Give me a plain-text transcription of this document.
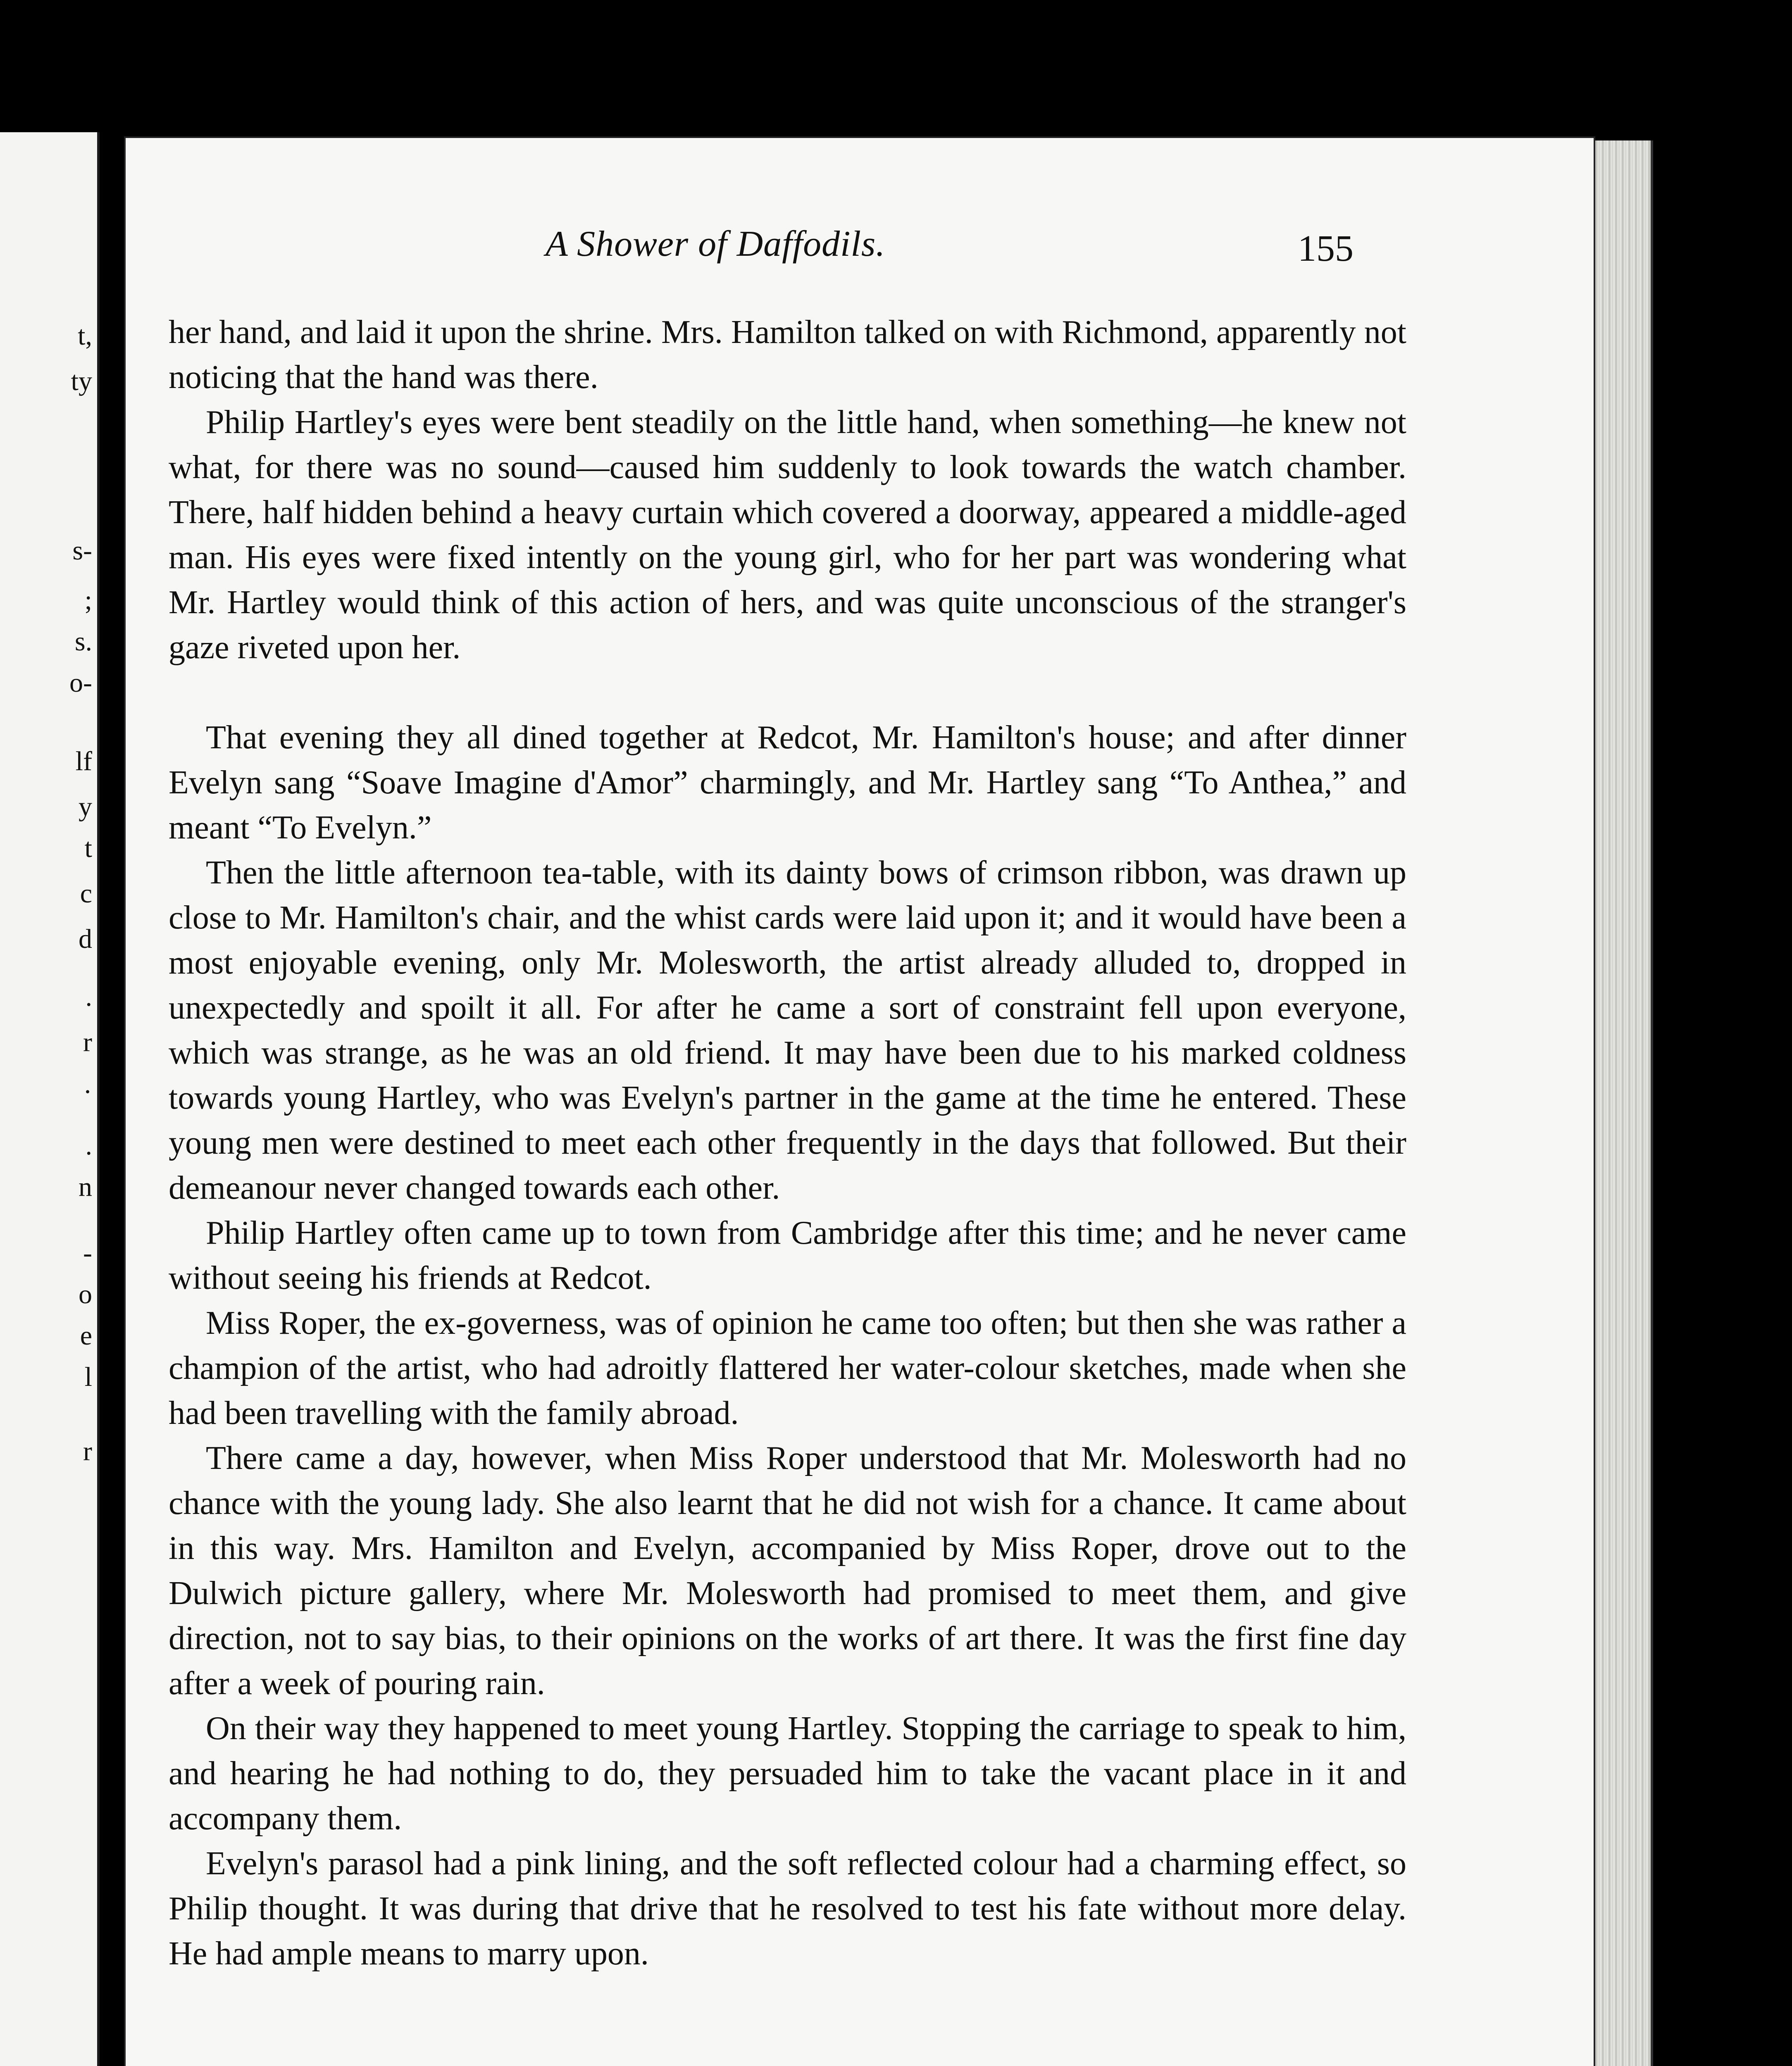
t,
ty
s-
;
s.
o-
lf
y
t
c
d
.
r
·
.
n
-
o
e
l
r
A Shower of Daffodils.	155

her hand, and laid it upon the shrine. Mrs. Hamilton talked on with Richmond, apparently not noticing that the hand was there.

Philip Hartley's eyes were bent steadily on the little hand, when something—he knew not what, for there was no sound—caused him suddenly to look towards the watch chamber. There, half hidden behind a heavy curtain which covered a doorway, appeared a middle-aged man. His eyes were fixed intently on the young girl, who for her part was wondering what Mr. Hartley would think of this action of hers, and was quite unconscious of the stranger's gaze riveted upon her.

That evening they all dined together at Redcot, Mr. Hamilton's house; and after dinner Evelyn sang “Soave Imagine d'Amor” charmingly, and Mr. Hartley sang “To Anthea,” and meant “To Evelyn.”

Then the little afternoon tea-table, with its dainty bows of crimson ribbon, was drawn up close to Mr. Hamilton's chair, and the whist cards were laid upon it; and it would have been a most enjoyable evening, only Mr. Molesworth, the artist already alluded to, dropped in unexpectedly and spoilt it all. For after he came a sort of constraint fell upon everyone, which was strange, as he was an old friend. It may have been due to his marked coldness towards young Hartley, who was Evelyn's partner in the game at the time he entered. These young men were destined to meet each other frequently in the days that followed. But their demeanour never changed towards each other.

Philip Hartley often came up to town from Cambridge after this time; and he never came without seeing his friends at Redcot.

Miss Roper, the ex-governess, was of opinion he came too often; but then she was rather a champion of the artist, who had adroitly flattered her water-colour sketches, made when she had been travelling with the family abroad.

There came a day, however, when Miss Roper understood that Mr. Molesworth had no chance with the young lady. She also learnt that he did not wish for a chance. It came about in this way. Mrs. Hamilton and Evelyn, accompanied by Miss Roper, drove out to the Dulwich picture gallery, where Mr. Molesworth had promised to meet them, and give direction, not to say bias, to their opinions on the works of art there. It was the first fine day after a week of pouring rain.

On their way they happened to meet young Hartley. Stopping the carriage to speak to him, and hearing he had nothing to do, they persuaded him to take the vacant place in it and accompany them.

Evelyn's parasol had a pink lining, and the soft reflected colour had a charming effect, so Philip thought. It was during that drive that he resolved to test his fate without more delay. He had ample means to marry upon.
